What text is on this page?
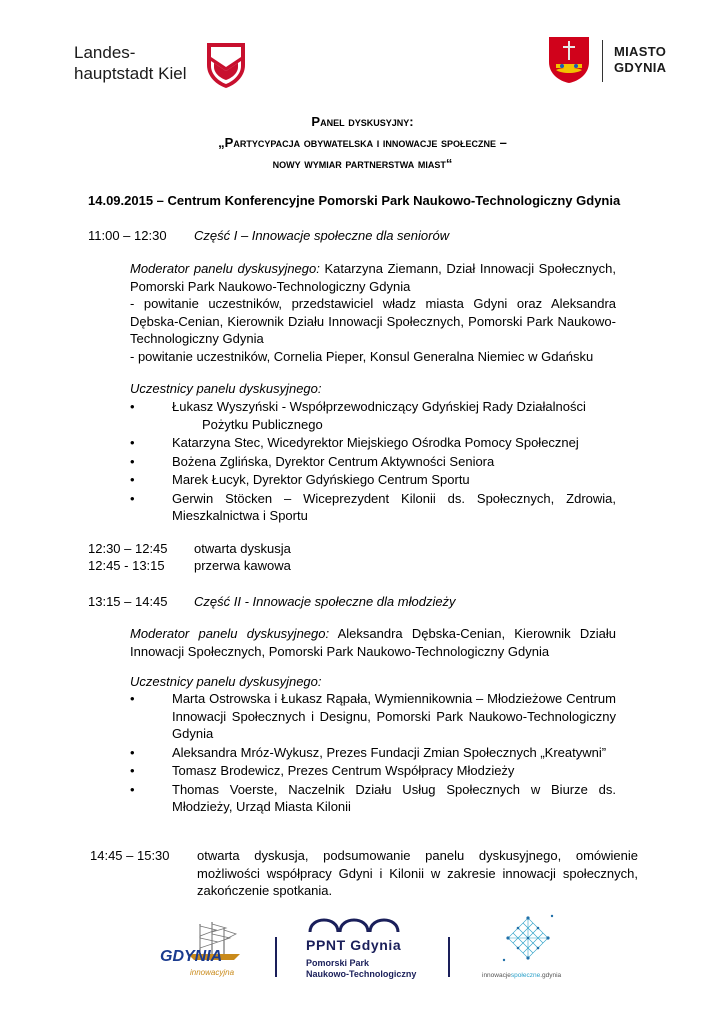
Landes-
hauptstadt Kiel
MIASTO
GDYNIA
Panel dyskusyjny:
„Partycypacja obywatelska i innowacje społeczne –
nowy wymiar partnerstwa miast“
14.09.2015 – Centrum Konferencyjne Pomorski Park Naukowo-Technologiczny Gdynia
11:00 – 12:30 Część I – Innowacje społeczne dla seniorów
Moderator panelu dyskusyjnego: Katarzyna Ziemann, Dział Innowacji Społecznych, Pomorski Park Naukowo-Technologiczny Gdynia
- powitanie uczestników, przedstawiciel władz miasta Gdyni oraz Aleksandra Dębska-Cenian, Kierownik Działu Innowacji Społecznych, Pomorski Park Naukowo-Technologiczny Gdynia
- powitanie uczestników, Cornelia Pieper, Konsul Generalna Niemiec w Gdańsku
Uczestnicy panelu dyskusyjnego:
• Łukasz Wyszyński - Współprzewodniczący Gdyńskiej Rady Działalności
Pożytku Publicznego
• Katarzyna Stec, Wicedyrektor Miejskiego Ośrodka Pomocy Społecznej
• Bożena Zglińska, Dyrektor Centrum Aktywności Seniora
• Marek Łucyk, Dyrektor Gdyńskiego Centrum Sportu
• Gerwin Stöcken – Wiceprezydent Kilonii ds. Społecznych, Zdrowia, Mieszkalnictwa i Sportu
12:30 – 12:45 otwarta dyskusja
12:45 - 13:15 przerwa kawowa
13:15 – 14:45 Część II - Innowacje społeczne dla młodzieży
Moderator panelu dyskusyjnego: Aleksandra Dębska-Cenian, Kierownik Działu Innowacji Społecznych, Pomorski Park Naukowo-Technologiczny Gdynia
Uczestnicy panelu dyskusyjnego:
• Marta Ostrowska i Łukasz Rąpała, Wymiennikownia – Młodzieżowe Centrum Innowacji Społecznych i Designu, Pomorski Park Naukowo-Technologiczny Gdynia
• Aleksandra Mróz-Wykusz, Prezes Fundacji Zmian Społecznych „Kreatywni”
• Tomasz Brodewicz, Prezes Centrum Współpracy Młodzieży
• Thomas Voerste, Naczelnik Działu Usług Społecznych w Biurze ds. Młodzieży, Urząd Miasta Kilonii
14:45 – 15:30 otwarta dyskusja, podsumowanie panelu dyskusyjnego, omówienie możliwości współpracy Gdyni i Kilonii w zakresie innowacji społecznych, zakończenie spotkania.
GDYNIA
innowacyjna
PPNT Gdynia
Pomorski Park
Naukowo-Technologiczny	innowacjespołeczne.gdynia
